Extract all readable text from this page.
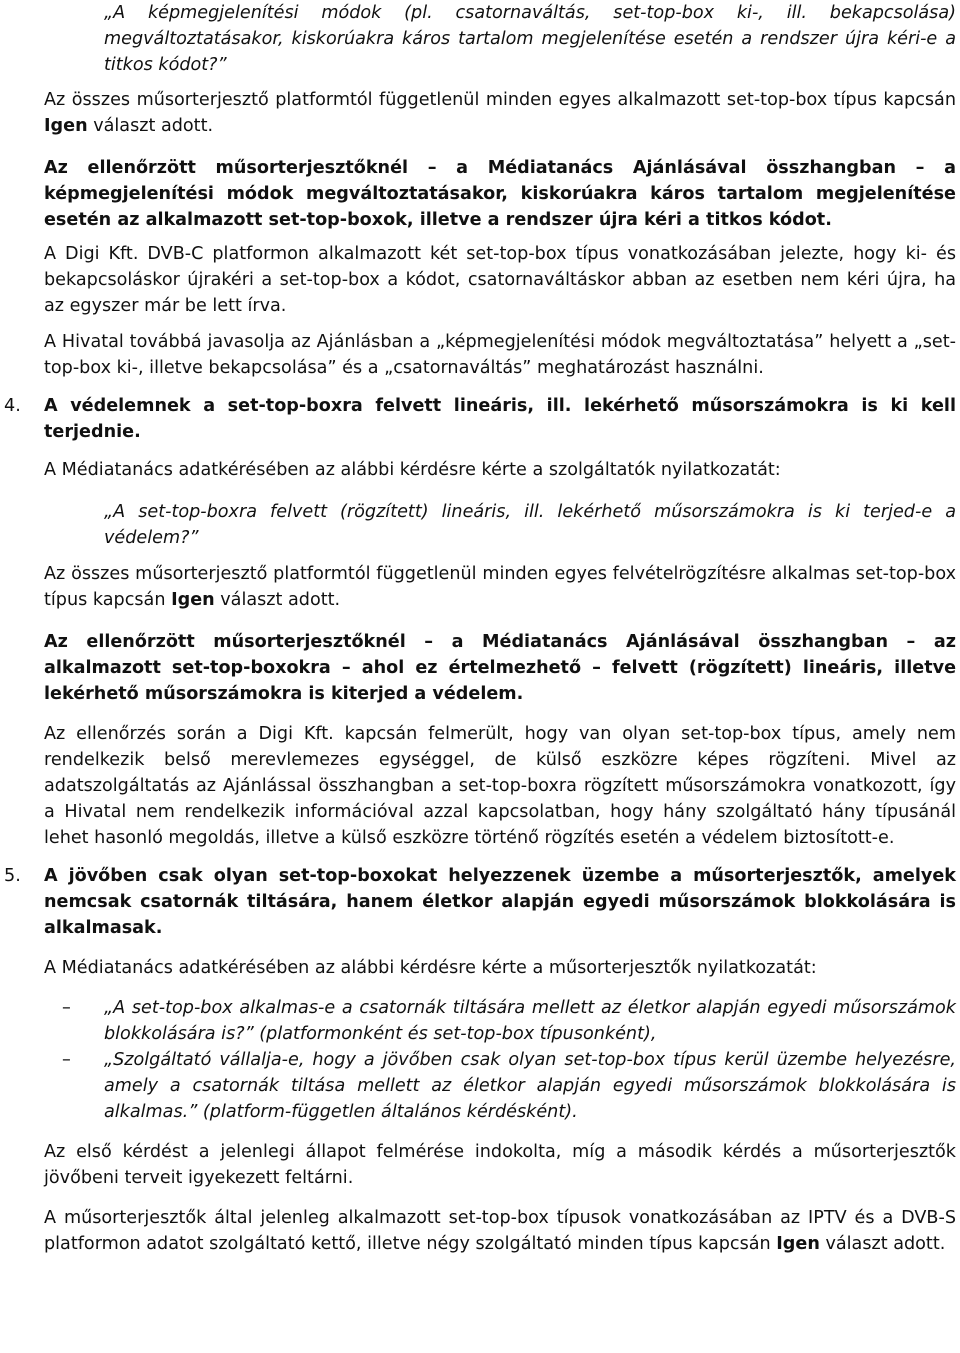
„A képmegjelenítési módok (pl. csatornaváltás, set-top-box ki-, ill. bekapcsolása) megváltoztatásakor, kiskorúakra káros tartalom megjelenítése esetén a rendszer újra kéri-e a titkos kódot?”

Az összes műsorterjesztő platformtól függetlenül minden egyes alkalmazott set-top-box típus kapcsán Igen választ adott.

Az ellenőrzött műsorterjesztőknél – a Médiatanács Ajánlásával összhangban – a képmegjelenítési módok megváltoztatásakor, kiskorúakra káros tartalom megjelenítése esetén az alkalmazott set-top-boxok, illetve a rendszer újra kéri a titkos kódot.

A Digi Kft. DVB-C platformon alkalmazott két set-top-box típus vonatkozásában jelezte, hogy ki- és bekapcsoláskor újrakéri a set-top-box a kódot, csatornaváltáskor abban az esetben nem kéri újra, ha az egyszer már be lett írva.

A Hivatal továbbá javasolja az Ajánlásban a „képmegjelenítési módok megváltoztatása” helyett a „set-top-box ki-, illetve bekapcsolása” és a „csatornaváltás” meghatározást használni.

4. A védelemnek a set-top-boxra felvett lineáris, ill. lekérhető műsorszámokra is ki kell terjednie.

A Médiatanács adatkérésében az alábbi kérdésre kérte a szolgáltatók nyilatkozatát:

„A set-top-boxra felvett (rögzített) lineáris, ill. lekérhető műsorszámokra is ki terjed-e a védelem?”

Az összes műsorterjesztő platformtól függetlenül minden egyes felvételrögzítésre alkalmas set-top-box típus kapcsán Igen választ adott.

Az ellenőrzött műsorterjesztőknél – a Médiatanács Ajánlásával összhangban – az alkalmazott set-top-boxokra – ahol ez értelmezhető – felvett (rögzített) lineáris, illetve lekérhető műsorszámokra is kiterjed a védelem.

Az ellenőrzés során a Digi Kft. kapcsán felmerült, hogy van olyan set-top-box típus, amely nem rendelkezik belső merevlemezes egységgel, de külső eszközre képes rögzíteni. Mivel az adatszolgáltatás az Ajánlással összhangban a set-top-boxra rögzített műsorszámokra vonatkozott, így a Hivatal nem rendelkezik információval azzal kapcsolatban, hogy hány szolgáltató hány típusánál lehet hasonló megoldás, illetve a külső eszközre történő rögzítés esetén a védelem biztosított-e.

5. A jövőben csak olyan set-top-boxokat helyezzenek üzembe a műsorterjesztők, amelyek nemcsak csatornák tiltására, hanem életkor alapján egyedi műsorszámok blokkolására is alkalmasak.

A Médiatanács adatkérésében az alábbi kérdésre kérte a műsorterjesztők nyilatkozatát:

– „A set-top-box alkalmas-e a csatornák tiltására mellett az életkor alapján egyedi műsorszámok blokkolására is?” (platformonként és set-top-box típusonként),

– „Szolgáltató vállalja-e, hogy a jövőben csak olyan set-top-box típus kerül üzembe helyezésre, amely a csatornák tiltása mellett az életkor alapján egyedi műsorszámok blokkolására is alkalmas.” (platform-független általános kérdésként).

Az első kérdést a jelenlegi állapot felmérése indokolta, míg a második kérdés a műsorterjesztők jövőbeni terveit igyekezett feltárni.

A műsorterjesztők által jelenleg alkalmazott set-top-box típusok vonatkozásában az IPTV és a DVB-S platformon adatot szolgáltató kettő, illetve négy szolgáltató minden típus kapcsán Igen választ adott.
